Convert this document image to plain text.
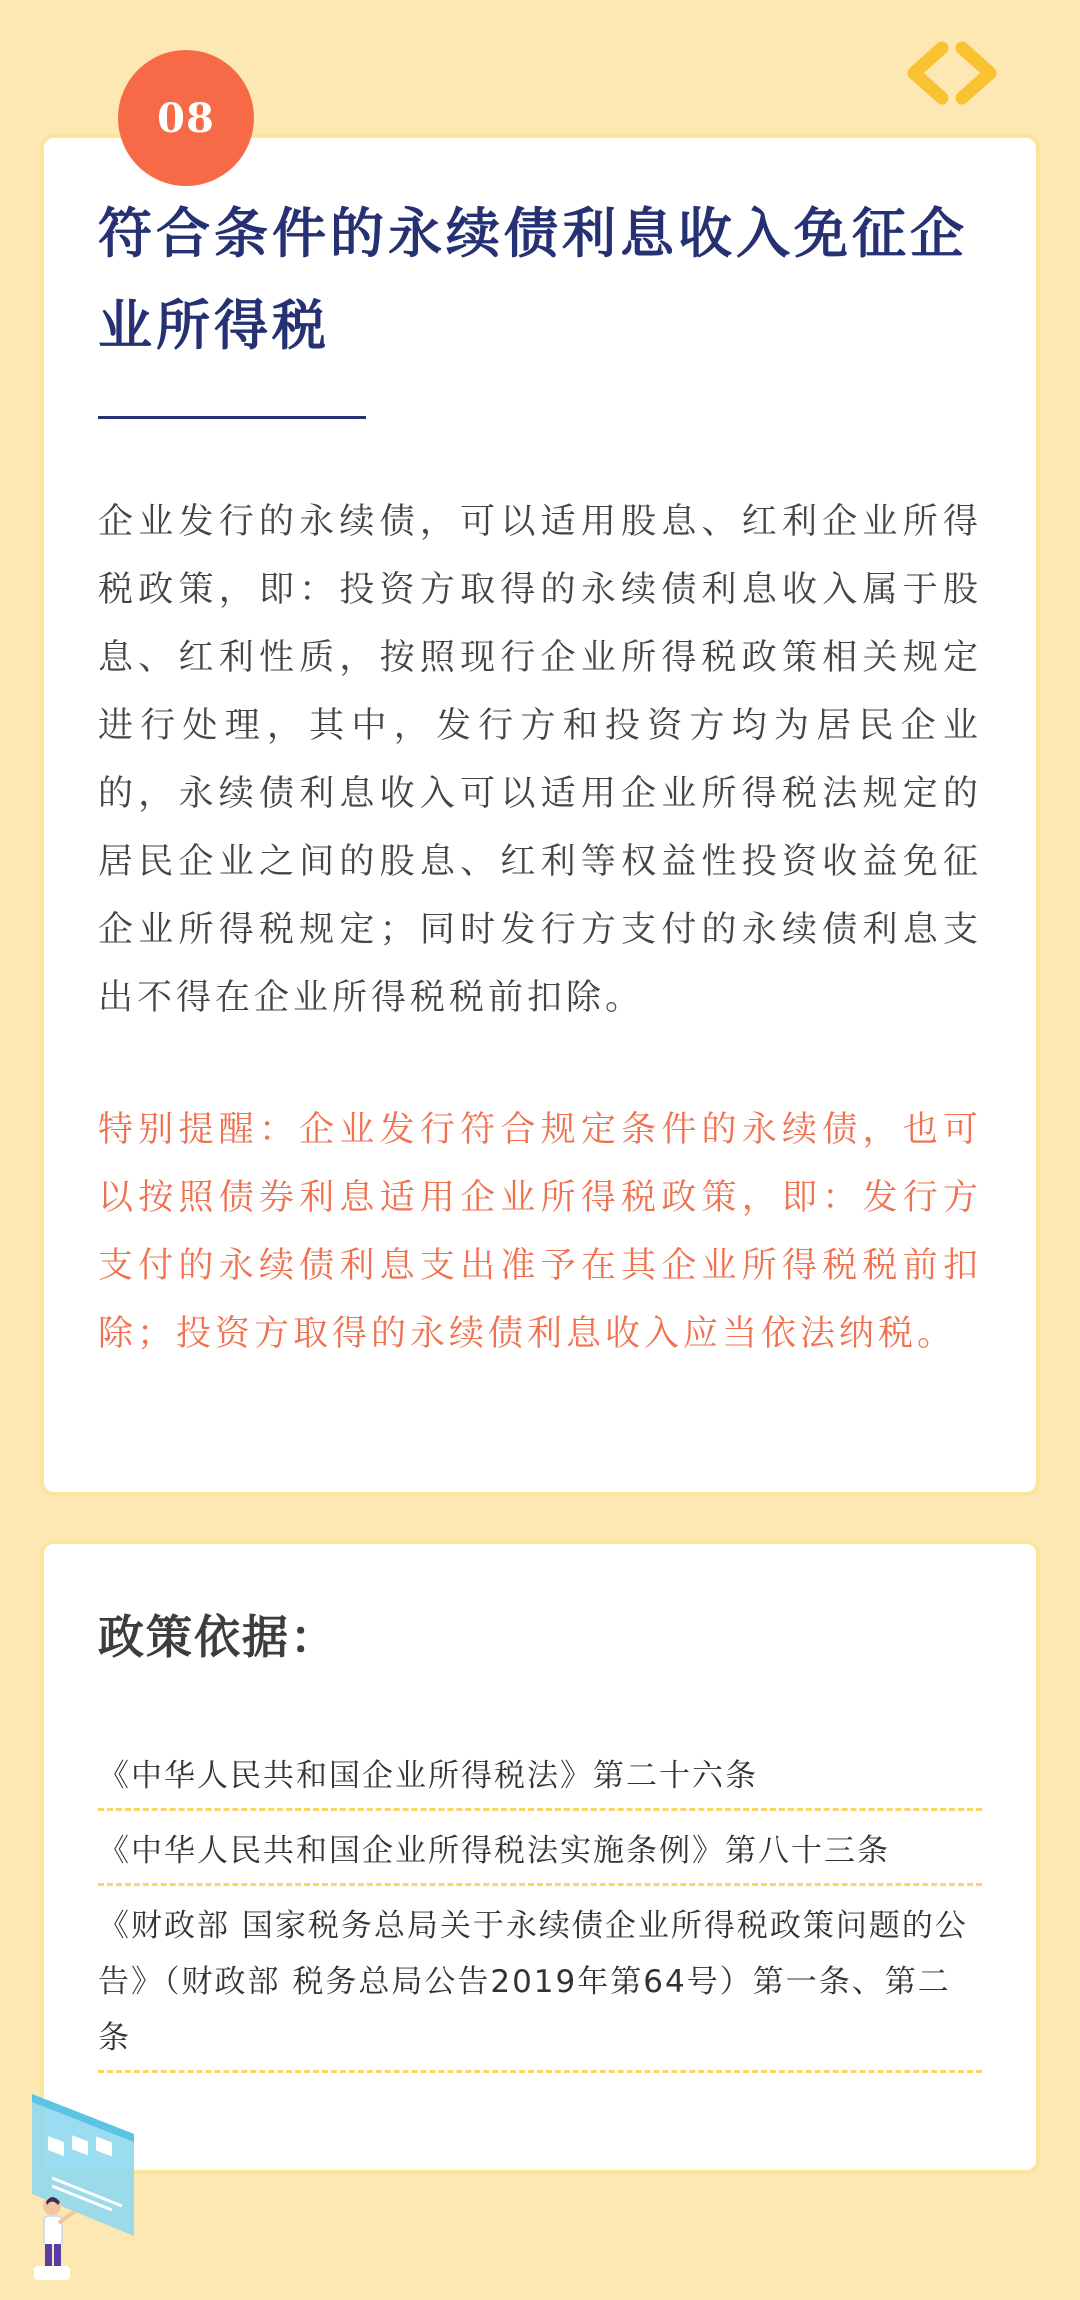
08
符合条件的永续债利息收入免征企业所得税

企业发行的永续债，可以适用股息、红利企业所得税政策，即：投资方取得的永续债利息收入属于股息、红利性质，按照现行企业所得税政策相关规定进行处理，其中，发行方和投资方均为居民企业的，永续债利息收入可以适用企业所得税法规定的居民企业之间的股息、红利等权益性投资收益免征企业所得税规定；同时发行方支付的永续债利息支出不得在企业所得税税前扣除。

特别提醒：企业发行符合规定条件的永续债，也可以按照债券利息适用企业所得税政策，即：发行方支付的永续债利息支出准予在其企业所得税税前扣除；投资方取得的永续债利息收入应当依法纳税。

政策依据：
《中华人民共和国企业所得税法》第二十六条
《中华人民共和国企业所得税法实施条例》第八十三条
《财政部 国家税务总局关于永续债企业所得税政策问题的公告》（财政部 税务总局公告2019年第64号）第一条、第二条
